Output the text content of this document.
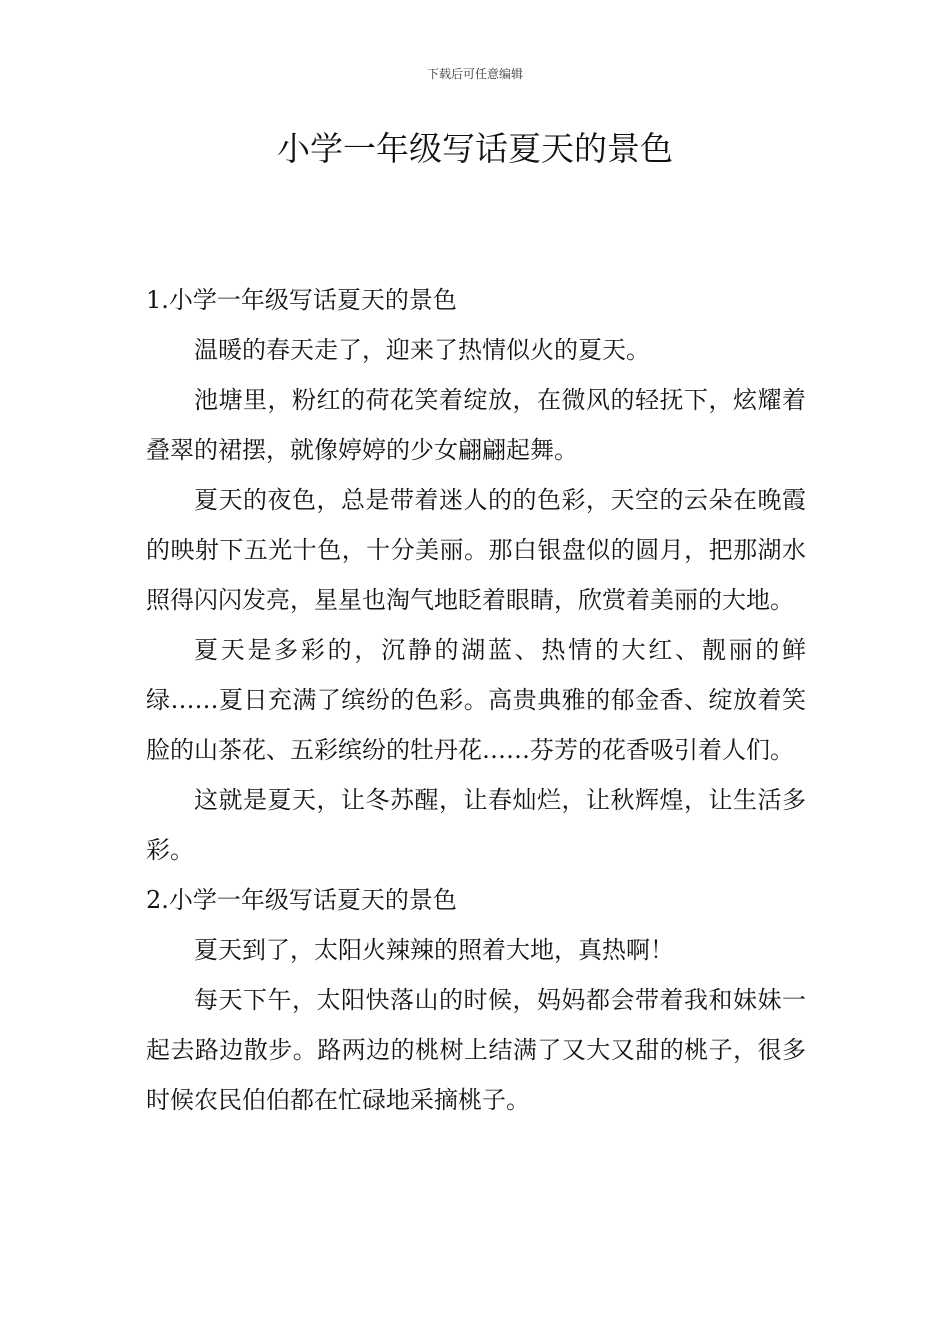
下载后可任意编辑
小学一年级写话夏天的景色
1.小学一年级写话夏天的景色

温暖的春天走了，迎来了热情似火的夏天。

池塘里，粉红的荷花笑着绽放，在微风的轻抚下，炫耀着叠翠的裙摆，就像婷婷的少女翩翩起舞。

夏天的夜色，总是带着迷人的的色彩，天空的云朵在晚霞的映射下五光十色，十分美丽。那白银盘似的圆月，把那湖水照得闪闪发亮，星星也淘气地眨着眼睛，欣赏着美丽的大地。

夏天是多彩的，沉静的湖蓝、热情的大红、靓丽的鲜绿……夏日充满了缤纷的色彩。高贵典雅的郁金香、绽放着笑脸的山茶花、五彩缤纷的牡丹花……芬芳的花香吸引着人们。

这就是夏天，让冬苏醒，让春灿烂，让秋辉煌，让生活多彩。

2.小学一年级写话夏天的景色

夏天到了，太阳火辣辣的照着大地，真热啊！

每天下午，太阳快落山的时候，妈妈都会带着我和妹妹一起去路边散步。路两边的桃树上结满了又大又甜的桃子，很多时候农民伯伯都在忙碌地采摘桃子。
